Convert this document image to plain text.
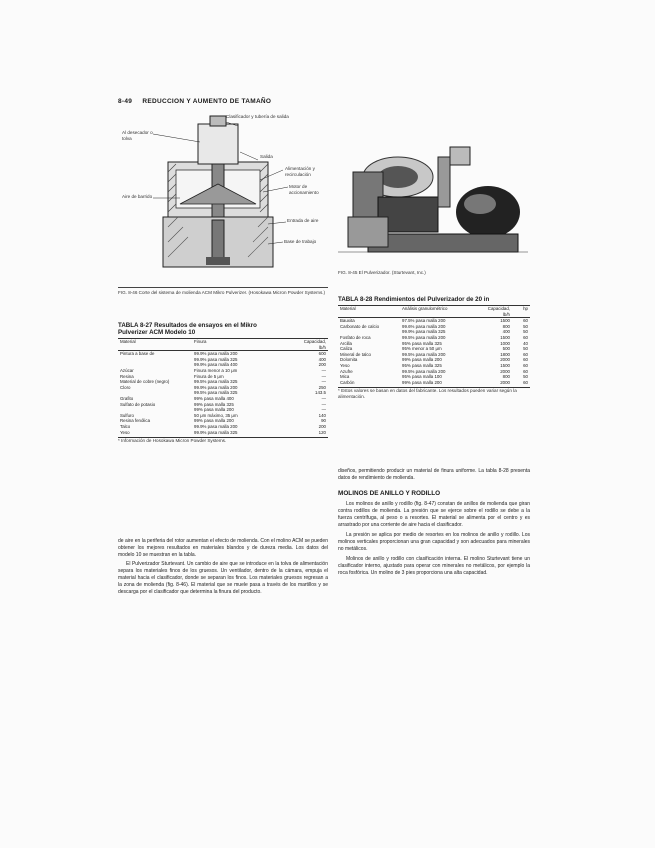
8-49 REDUCCION Y AUMENTO DE TAMAÑO
Al desecador o tolva
Clasificador y tubería de salida
Salida
Alimentación y recirculación
Aire de barrido
Motor de accionamiento
Entrada de aire
Base de trabajo
FIG. 8-46 Corte del sistema de molienda ACM Mikro Pulverizer. (Hosokawa Micron Powder Systems.)
TABLA 8-27 Resultados de ensayos en el Mikro
Pulverizer ACM Modelo 10
Material	Finura	Capacidad, lb/h
Pintura a base de	99.9% pasa malla 200	600
	99.9% pasa malla 325	400
	99.9% pasa malla 400	200
Azúcar	Finura menor a 10 μm	—
Resina	Finura de 5 μm	—
Material de cobre (negro)	99.5% pasa malla 325	—
Cloro	99.9% pasa malla 200	250
	99.5% pasa malla 325	143.5
Grafito	99% pasa malla 400	—
Sulfato de potasio	99% pasa malla 325	—
	99% pasa malla 200	—
Sulfuro	50 μm máximo, 35 μm	140
Resina fenólica	99% pasa malla 200	90
Talco	99.9% pasa malla 200	200
Yeso	99.9% pasa malla 325	120
* Información de Hosokawa Micron Powder Systems.

de aire en la periferia del rotor aumentan el efecto de molienda. Con el molino ACM se pueden obtener los mejores resultados en materiales blandos y de dureza media. Los datos del modelo 10 se muestran en la tabla.

El Pulverizador Sturtevant. Un cambio de aire que se introduce en la tolva de alimentación separa los materiales finos de los gruesos. Un ventilador, dentro de la cámara, empuja el material hacia el clasificador, donde se separan los finos. Los materiales gruesos regresan a la zona de molienda (fig. 8-46). El material que se muele pasa a través de los martillos y se descarga por el clasificador que determina la finura del producto.

FIG. 8-45 El Pulverizador. (Sturtevant, Inc.)
TABLA 8-28 Rendimientos del Pulverizador de 20 in
Material	Análisis granulométrico	Capacidad, lb/h	hp
Bauxita	97.5% pasa malla 200	1500	60
Carbonato de calcio	99.6% pasa malla 200	800	50
	99.9% pasa malla 325	400	50
Fosfato de roca	99.5% pasa malla 200	1500	60
Arcilla	95% pasa malla 325	1000	40
Caliza	95% menor a 50 μm	500	50
Mineral de talco	99.5% pasa malla 200	1800	60
Dolomita	99% pasa malla 200	2000	60
Yeso	95% pasa malla 325	1500	60
Azufre	99.5% pasa malla 200	2000	60
Mica	95% pasa malla 100	800	50
Carbón	99% pasa malla 200	2000	60
* Estos valores se basan en datos del fabricante. Los resultados pueden variar según la alimentación.

diseños, permitiendo producir un material de finura uniforme. La tabla 8-28 presenta datos de rendimiento de molienda.

MOLINOS DE ANILLO Y RODILLO

Los molinos de anillo y rodillo (fig. 8-47) constan de anillos de molienda que giran contra rodillos de molienda. La presión que se ejerce sobre el rodillo se debe a la fuerza centrífuga, al peso o a resortes. El material se alimenta por el centro y es arrastrado por una corriente de aire hacia el clasificador.

La presión se aplica por medio de resortes en los molinos de anillo y rodillo. Los molinos verticales proporcionan una gran capacidad y son adecuados para minerales no metálicos.

Molinos de anillo y rodillo con clasificación interna. El molino Sturtevant tiene un clasificador interno, ajustado para operar con minerales no metálicos, por ejemplo la roca fosfórica. Un molino de 3 pies proporciona una alta capacidad.
